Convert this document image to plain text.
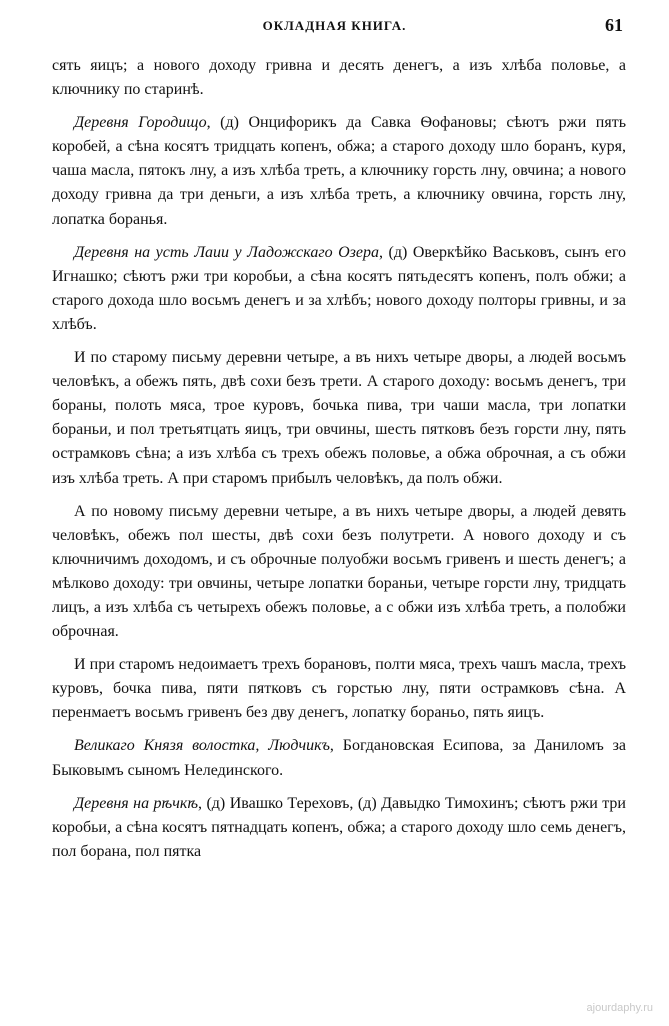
ОКЛАДНАЯ КНИГА.	61

сять яицъ; а нового доходу гривна и десять денегъ, а изъ хлѣба половье, а ключнику по старинѣ.

Деревня Городищо, (д) Онцифорикъ да Савка Ѳофановы; сѣютъ ржи пять коробей, а сѣна косятъ тридцать копенъ, обжа; а старого доходу шло боранъ, куря, чаша масла, пятокъ лну, а изъ хлѣба треть, а ключнику горсть лну, овчина; а нового доходу гривна да три деньги, а изъ хлѣба треть, а ключнику овчина, горсть лну, лопатка боранья.

Деревня на усть Лаuи у Ладожскаго Озера, (д) Оверкѣйко Васьковъ, сынъ его Игнашко; сѣютъ ржи три коробьи, а сѣна косятъ пятьдесятъ копенъ, полъ обжи; а старого дохода шло восьмъ денегъ и за хлѣбъ; нового доходу полторы гривны, и за хлѣбъ.

И по старому письму деревни четыре, а въ нихъ четыре дворы, а людей восьмъ человѣкъ, а обежъ пять, двѣ сохи безъ трети. А старого доходу: восьмъ денегъ, три бораны, полоть мяса, трое куровъ, бочька пива, три чаши масла, три лопатки бораньи, и пол третьятцать яицъ, три овчины, шесть пятковъ безъ горсти лну, пять острамковъ сѣна; а изъ хлѣба съ трехъ обежъ половье, а обжа оброчная, а съ обжи изъ хлѣба треть. А при старомъ прибылъ человѣкъ, да полъ обжи.

А по новому письму деревни четыре, а въ нихъ четыре дворы, а людей девять человѣкъ, обежъ пол шесты, двѣ сохи безъ полутрети. А нового доходу и съ ключничимъ доходомъ, и съ оброчные полуобжи восьмъ гривенъ и шесть денегъ; а мѣлково доходу: три овчины, четыре лопатки бораньи, четыре горсти лну, тридцать лицъ, а изъ хлѣба съ четырехъ обежъ половье, а с обжи изъ хлѣба треть, а полобжи оброчная.

И при старомъ недоимаетъ трехъ борановъ, полти мяса, трехъ чашъ масла, трехъ куровъ, бочка пива, пяти пятковъ съ горстью лну, пяти острамковъ сѣна. А перенмаетъ восьмъ гривенъ без дву денегъ, лопатку бораньо, пять яицъ.

Великаго Князя волостка, Людчикъ, Богдановская Есипова, за Даниломъ за Быковымъ сыномъ Нелединского.

Деревня на рѣчкѣ, (д) Ивашко Тереховъ, (д) Давыдко Тимохинъ; сѣютъ ржи три коробьи, а сѣна косятъ пятнадцать копенъ, обжа; а старого доходу шло семь денегъ, пол борана, пол пятка

ajourdaphy.ru
